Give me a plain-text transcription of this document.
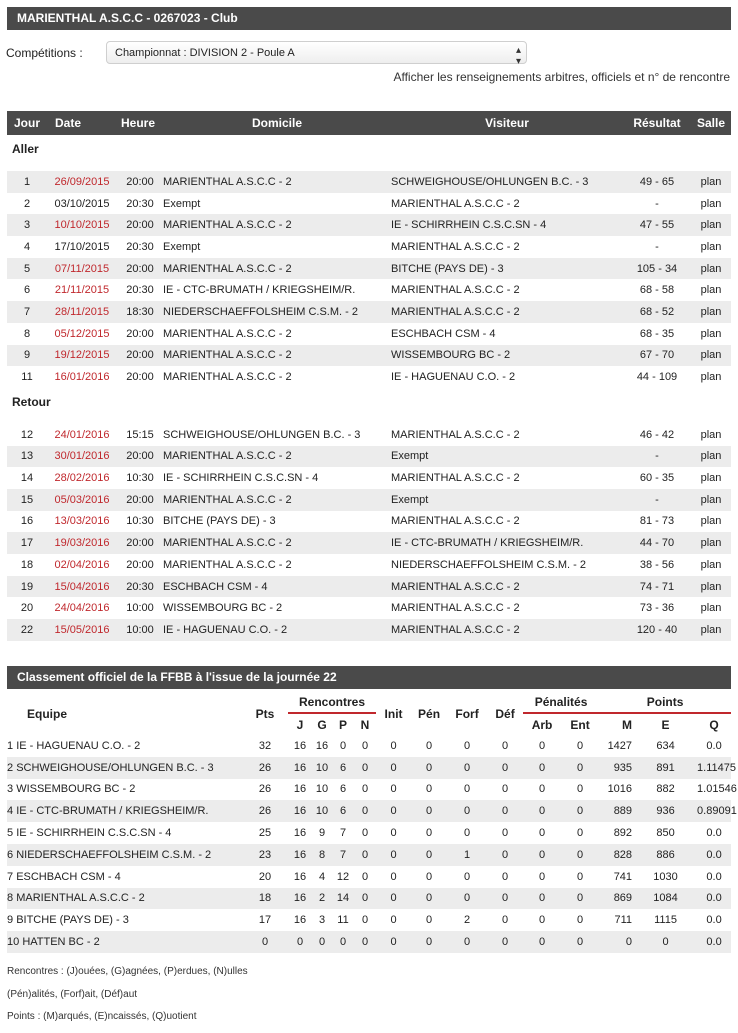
MARIENTHAL A.S.C.C - 0267023 - Club
Compétitions :	Championnat : DIVISION 2 - Poule A	▴
▾
Afficher les renseignements arbitres, officiels et n° de rencontre
Jour	Date	Heure	Domicile	Visiteur	Résultat	Salle
Aller						
1	26/09/2015	20:00	MARIENTHAL A.S.C.C - 2	SCHWEIGHOUSE/OHLUNGEN B.C. - 3	49 - 65	plan
2	03/10/2015	20:30	Exempt	MARIENTHAL A.S.C.C - 2	-	plan
3	10/10/2015	20:00	MARIENTHAL A.S.C.C - 2	IE - SCHIRRHEIN C.S.C.SN - 4	47 - 55	plan
4	17/10/2015	20:30	Exempt	MARIENTHAL A.S.C.C - 2	-	plan
5	07/11/2015	20:00	MARIENTHAL A.S.C.C - 2	BITCHE (PAYS DE) - 3	105 - 34	plan
6	21/11/2015	20:30	IE - CTC-BRUMATH / KRIEGSHEIM/R.	MARIENTHAL A.S.C.C - 2	68 - 58	plan
7	28/11/2015	18:30	NIEDERSCHAEFFOLSHEIM C.S.M. - 2	MARIENTHAL A.S.C.C - 2	68 - 52	plan
8	05/12/2015	20:00	MARIENTHAL A.S.C.C - 2	ESCHBACH CSM - 4	68 - 35	plan
9	19/12/2015	20:00	MARIENTHAL A.S.C.C - 2	WISSEMBOURG BC - 2	67 - 70	plan
11	16/01/2016	20:00	MARIENTHAL A.S.C.C - 2	IE - HAGUENAU C.O. - 2	44 - 109	plan
Retour						
12	24/01/2016	15:15	SCHWEIGHOUSE/OHLUNGEN B.C. - 3	MARIENTHAL A.S.C.C - 2	46 - 42	plan
13	30/01/2016	20:00	MARIENTHAL A.S.C.C - 2	Exempt	-	plan
14	28/02/2016	10:30	IE - SCHIRRHEIN C.S.C.SN - 4	MARIENTHAL A.S.C.C - 2	60 - 35	plan
15	05/03/2016	20:00	MARIENTHAL A.S.C.C - 2	Exempt	-	plan
16	13/03/2016	10:30	BITCHE (PAYS DE) - 3	MARIENTHAL A.S.C.C - 2	81 - 73	plan
17	19/03/2016	20:00	MARIENTHAL A.S.C.C - 2	IE - CTC-BRUMATH / KRIEGSHEIM/R.	44 - 70	plan
18	02/04/2016	20:00	MARIENTHAL A.S.C.C - 2	NIEDERSCHAEFFOLSHEIM C.S.M. - 2	38 - 56	plan
19	15/04/2016	20:30	ESCHBACH CSM - 4	MARIENTHAL A.S.C.C - 2	74 - 71	plan
20	24/04/2016	10:00	WISSEMBOURG BC - 2	MARIENTHAL A.S.C.C - 2	73 - 36	plan
22	15/05/2016	10:00	IE - HAGUENAU C.O. - 2	MARIENTHAL A.S.C.C - 2	120 - 40	plan
Classement officiel de la FFBB à l'issue de la journée 22
Equipe	Pts	Rencontres				Init	Pén	Forf	Déf	Pénalités		Points		
		J	G	P	N					Arb	Ent	M	E	Q
1 IE - HAGUENAU C.O. - 2	32	16	16	0	0	0	0	0	0	0	0	1427	634	0.0
2 SCHWEIGHOUSE/OHLUNGEN B.C. - 3	26	16	10	6	0	0	0	0	0	0	0	935	891	1.11475
3 WISSEMBOURG BC - 2	26	16	10	6	0	0	0	0	0	0	0	1016	882	1.01546
4 IE - CTC-BRUMATH / KRIEGSHEIM/R.	26	16	10	6	0	0	0	0	0	0	0	889	936	0.89091
5 IE - SCHIRRHEIN C.S.C.SN - 4	25	16	9	7	0	0	0	0	0	0	0	892	850	0.0
6 NIEDERSCHAEFFOLSHEIM C.S.M. - 2	23	16	8	7	0	0	0	1	0	0	0	828	886	0.0
7 ESCHBACH CSM - 4	20	16	4	12	0	0	0	0	0	0	0	741	1030	0.0
8 MARIENTHAL A.S.C.C - 2	18	16	2	14	0	0	0	0	0	0	0	869	1084	0.0
9 BITCHE (PAYS DE) - 3	17	16	3	11	0	0	0	2	0	0	0	711	1115	0.0
10 HATTEN BC - 2	0	0	0	0	0	0	0	0	0	0	0	0	0	0.0
Rencontres : (J)ouées, (G)agnées, (P)erdues, (N)ulles
(Pén)alités, (Forf)ait, (Déf)aut
Points : (M)arqués, (E)ncaissés, (Q)uotient
